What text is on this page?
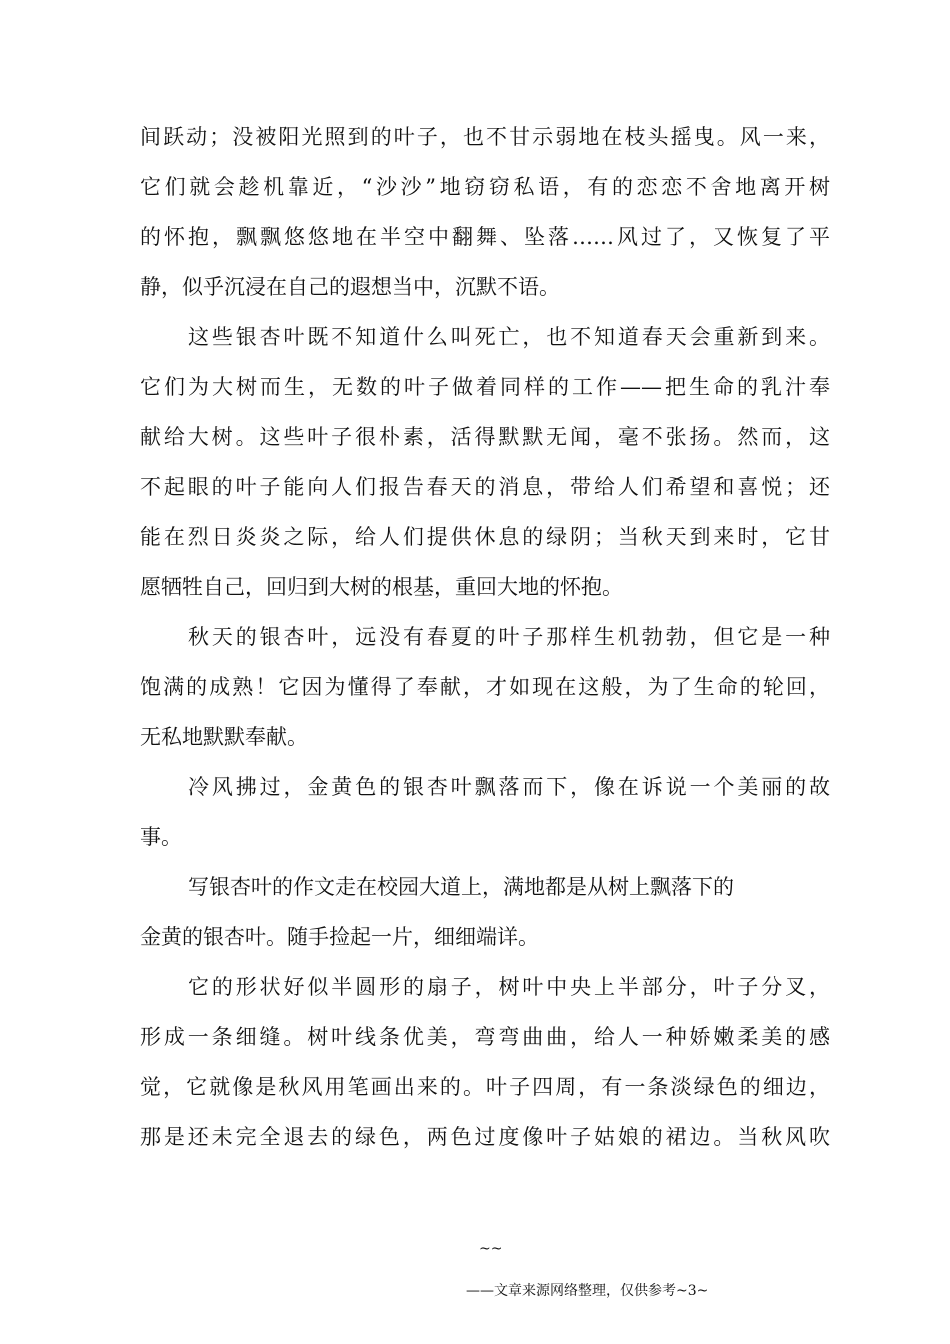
间跃动；没被阳光照到的叶子，也不甘示弱地在枝头摇曳。风一来，
它们就会趁机靠近，“沙沙”地窃窃私语，有的恋恋不舍地离开树
的怀抱，飘飘悠悠地在半空中翻舞、坠落……风过了，又恢复了平
静，似乎沉浸在自己的遐想当中，沉默不语。
这些银杏叶既不知道什么叫死亡，也不知道春天会重新到来。
它们为大树而生，无数的叶子做着同样的工作——把生命的乳汁奉
献给大树。这些叶子很朴素，活得默默无闻，毫不张扬。然而，这
不起眼的叶子能向人们报告春天的消息，带给人们希望和喜悦；还
能在烈日炎炎之际，给人们提供休息的绿阴；当秋天到来时，它甘
愿牺牲自己，回归到大树的根基，重回大地的怀抱。
秋天的银杏叶，远没有春夏的叶子那样生机勃勃，但它是一种
饱满的成熟！它因为懂得了奉献，才如现在这般，为了生命的轮回，
无私地默默奉献。
冷风拂过，金黄色的银杏叶飘落而下，像在诉说一个美丽的故
事。
写银杏叶的作文走在校园大道上，满地都是从树上飘落下的
金黄的银杏叶。随手捡起一片，细细端详。
它的形状好似半圆形的扇子，树叶中央上半部分，叶子分叉，
形成一条细缝。树叶线条优美，弯弯曲曲，给人一种娇嫩柔美的感
觉，它就像是秋风用笔画出来的。叶子四周，有一条淡绿色的细边，
那是还未完全退去的绿色，两色过度像叶子姑娘的裙边。当秋风吹
~~
——文章来源网络整理，仅供参考~3~
